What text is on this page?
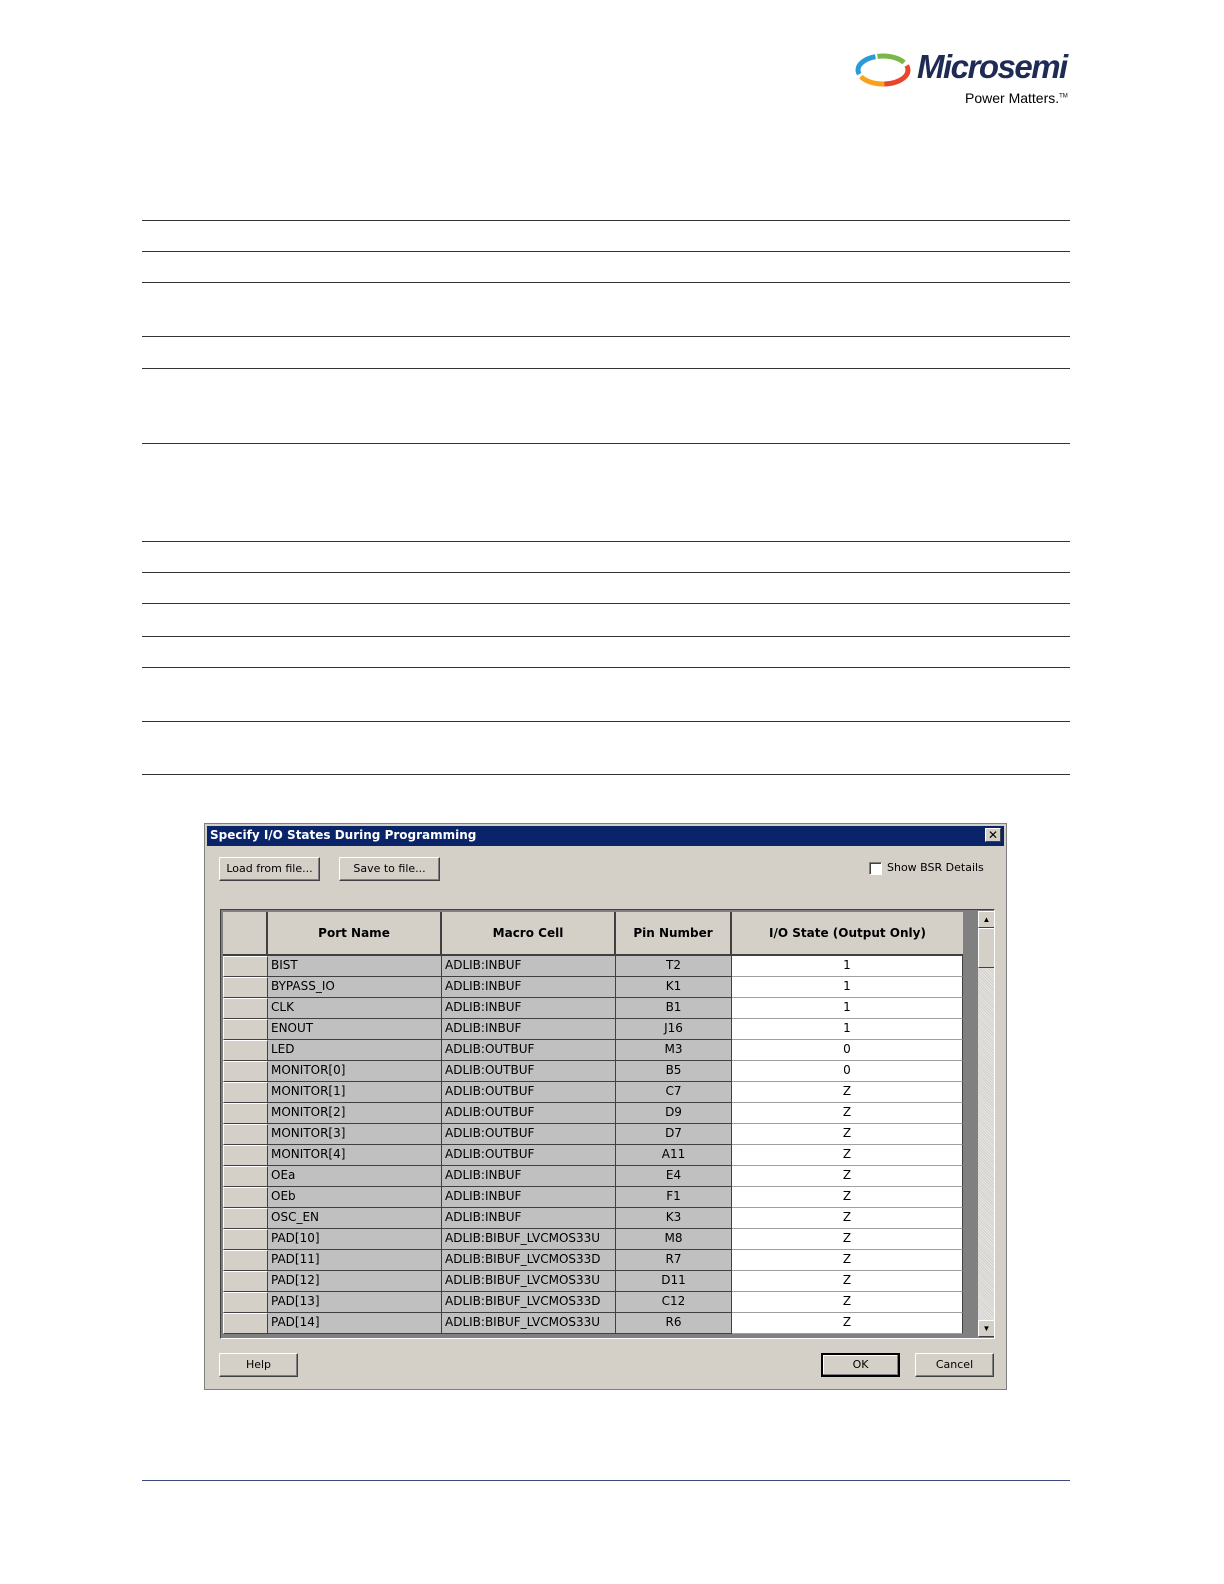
Microsemi
Power Matters.™
Specify I/O States During Programming	✕
Load from file...	Save to file...	Show BSR Details
Port Name	Macro Cell	Pin Number	I/O State (Output Only)
BIST	ADLIB:INBUF	T2	1
BYPASS_IO	ADLIB:INBUF	K1	1
CLK	ADLIB:INBUF	B1	1
ENOUT	ADLIB:INBUF	J16	1
LED	ADLIB:OUTBUF	M3	0
MONITOR[0]	ADLIB:OUTBUF	B5	0
MONITOR[1]	ADLIB:OUTBUF	C7	Z
MONITOR[2]	ADLIB:OUTBUF	D9	Z
MONITOR[3]	ADLIB:OUTBUF	D7	Z
MONITOR[4]	ADLIB:OUTBUF	A11	Z
OEa	ADLIB:INBUF	E4	Z
OEb	ADLIB:INBUF	F1	Z
OSC_EN	ADLIB:INBUF	K3	Z
PAD[10]	ADLIB:BIBUF_LVCMOS33U	M8	Z
PAD[11]	ADLIB:BIBUF_LVCMOS33D	R7	Z
PAD[12]	ADLIB:BIBUF_LVCMOS33U	D11	Z
PAD[13]	ADLIB:BIBUF_LVCMOS33D	C12	Z
PAD[14]	ADLIB:BIBUF_LVCMOS33U	R6	Z
▲
▼
Help	OK	Cancel
